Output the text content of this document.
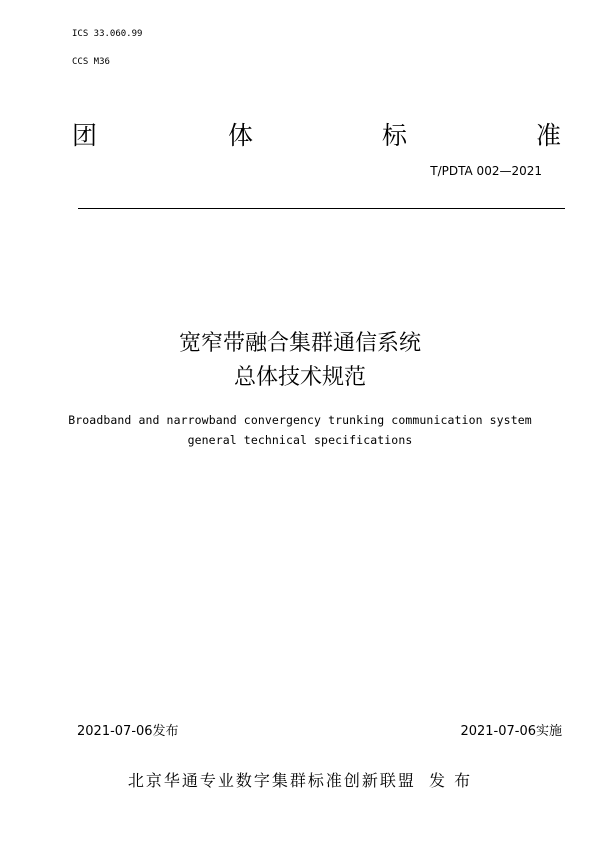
ICS 33.060.99
CCS M36
团	体	标	准
T/PDTA 002—2021
宽窄带融合集群通信系统
总体技术规范
Broadband and narrowband convergency trunking communication system
general technical specifications
2021-07-06发布	2021-07-06实施
北京华通专业数字集群标准创新联盟 发 布
